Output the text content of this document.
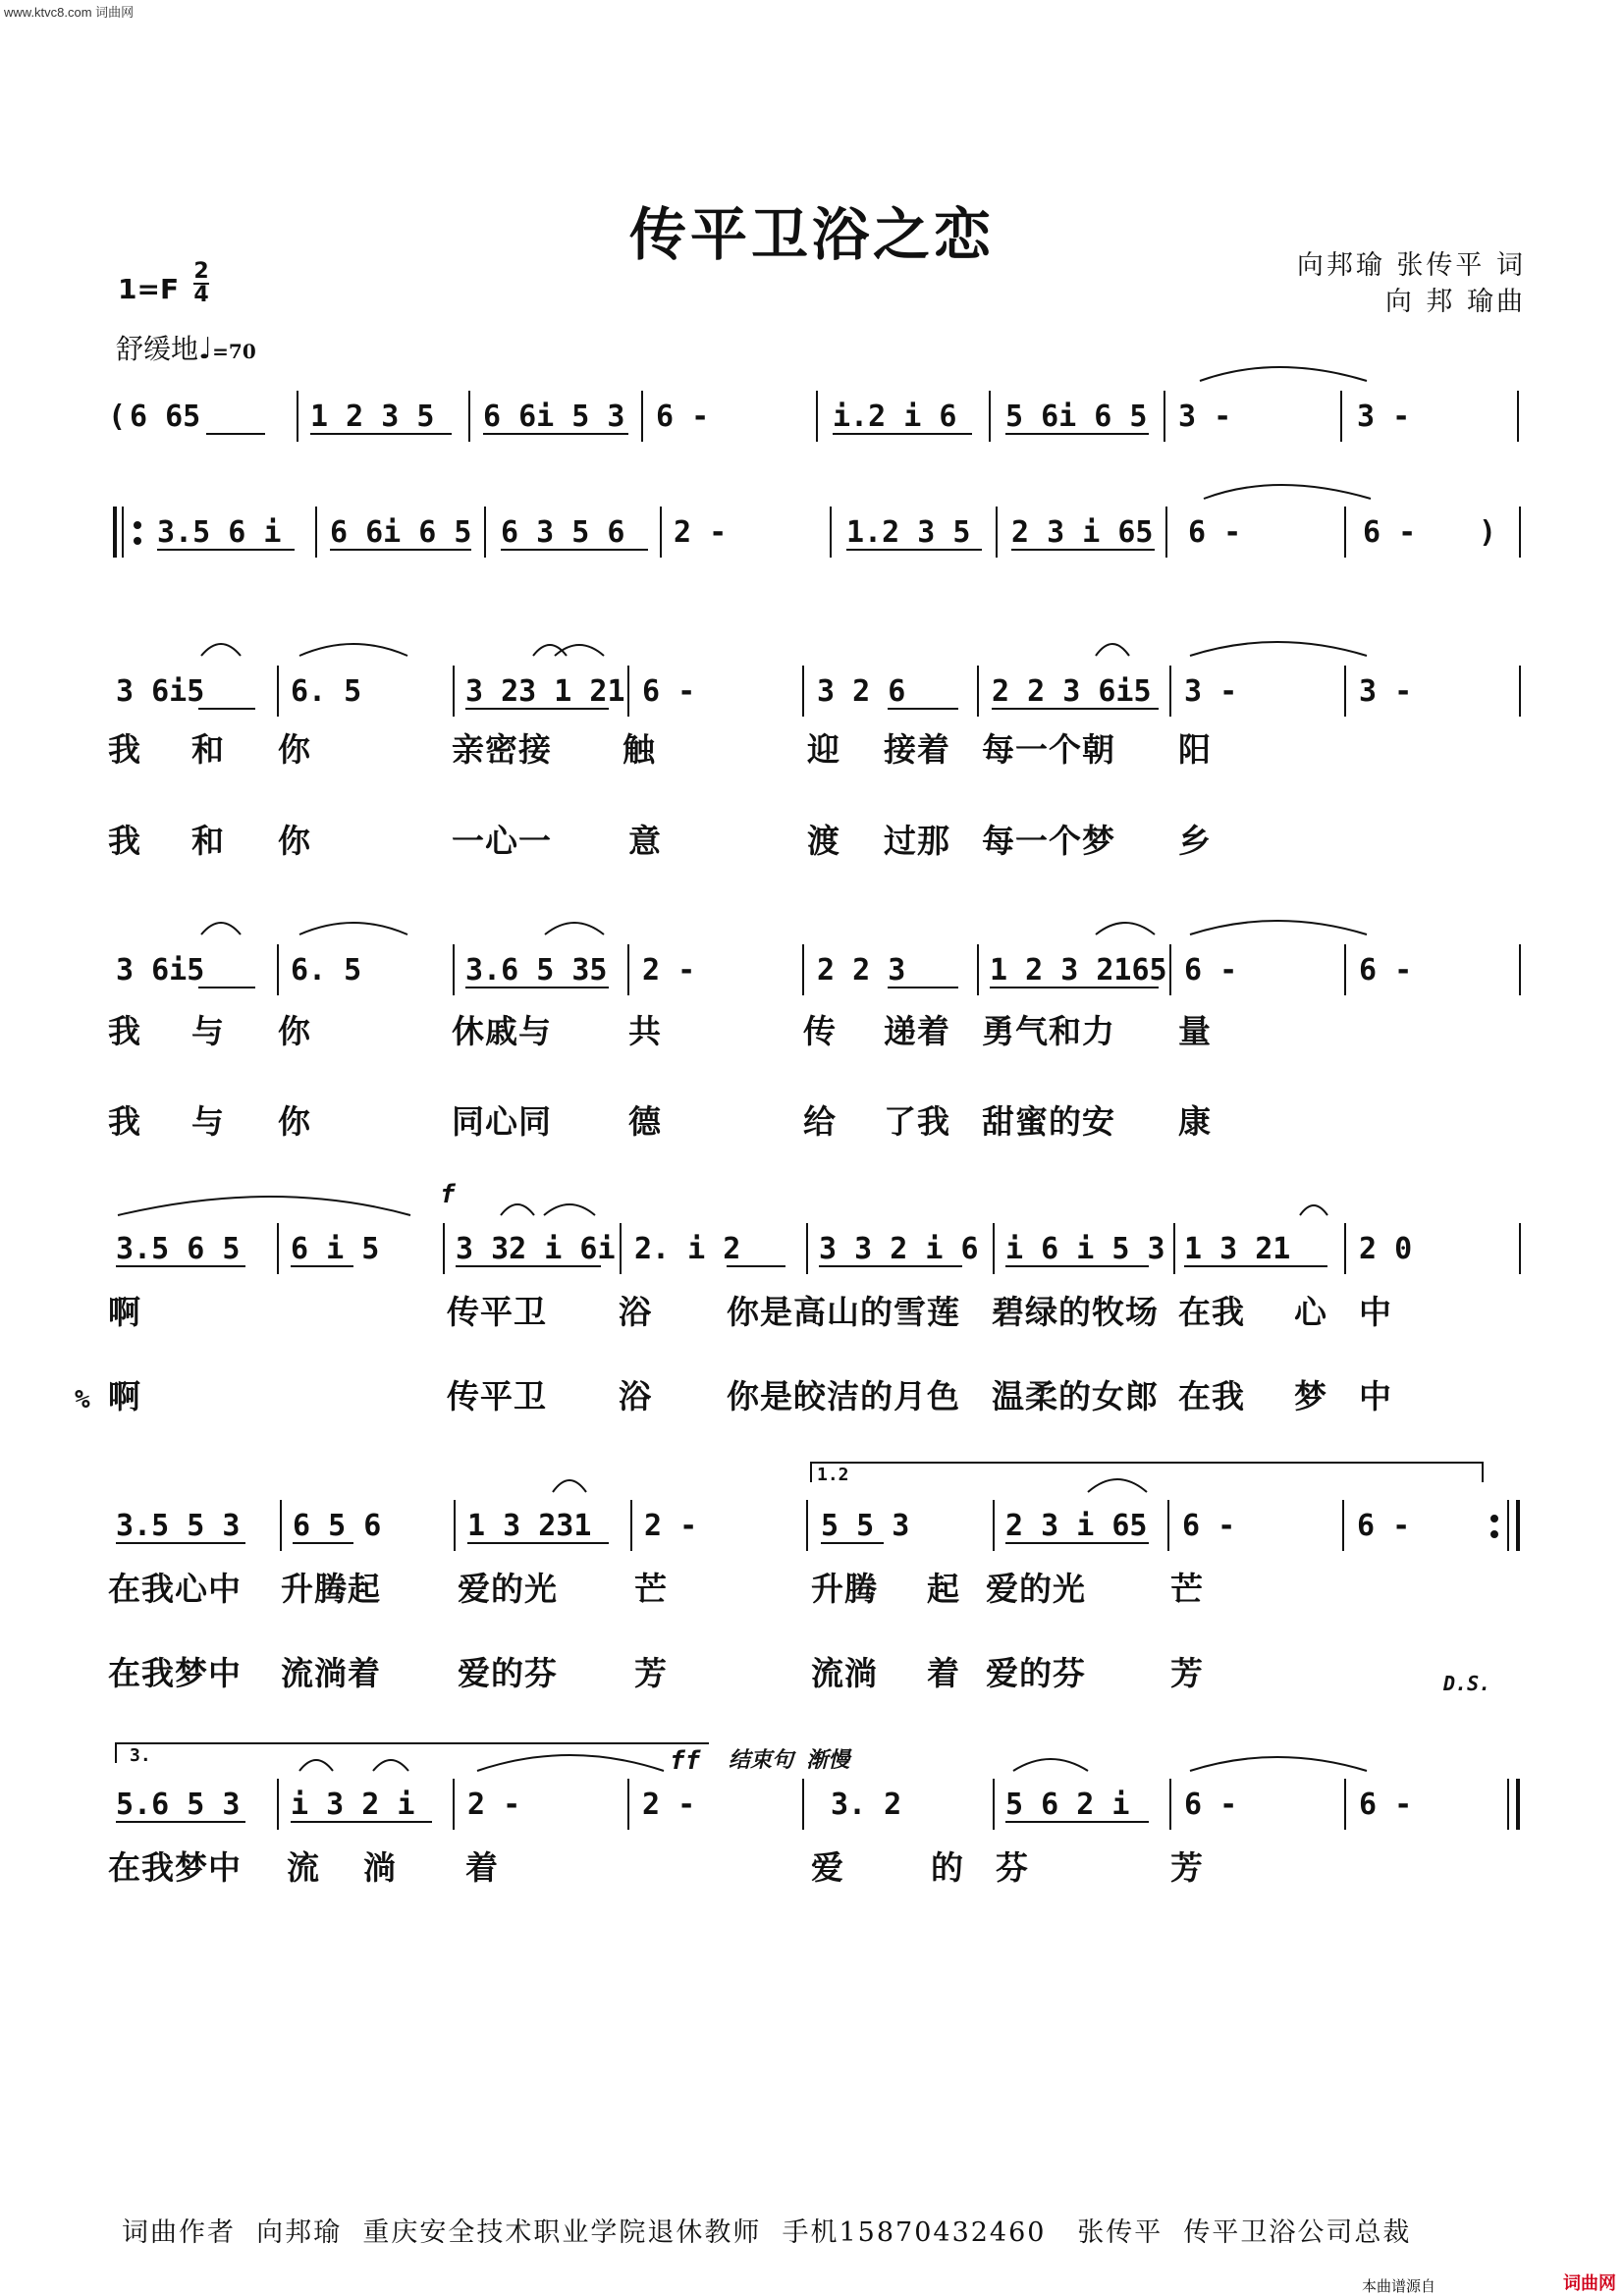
www.ktvc8.com 词曲网
传平卫浴之恋	向邦瑜 张传平 词
向 邦 瑜曲
1=F
2
4
舒缓地♩=70
1.2
3.
f
ff 结束句 渐慢
D.S.
( 6 65	1 2 3 5 6 6i 5 3 6 -	i.2 i 6 5 6i 6 5 3 -	3 -
3.5 6 i 6 6i 6 5 6 3 5 6 2 -	1.2 3 5 2 3 i 65 6 -	6 - )
3 6i5	6. 5	3 23 1 21 6 -	3 2 6	2 2 3 6i5 3 -	3 -
3 6i5	6. 5	3.6 5 35 2 -	2 2 3	1 2 3 2165 6 -	6 -
3.5 6 5 6 i 5	3 32 i 6i 2. i 2	3 3 2 i 6 i 6 i 5 3 1 3 21 2 0
3.5 5 3 6 5 6	1 3 231 2 -	5 5 3	2 3 i 65 6 -	6 -
5.6 5 3 i 3 2 i 2 -	2 -	3. 2	5 6 2 i 6 -	6 -
我 和 你	亲密接 触	迎 接着 每一个朝 阳
我 和 你	一心一 意	渡 过那 每一个梦 乡
我 与 你	休戚与 共	传 递着 勇气和力 量
我 与 你	同心同 德	给 了我 甜蜜的安 康
啊	传平卫 浴 你是高山的雪莲 碧绿的牧场 在我 心 中
% 啊	传平卫 浴 你是皎洁的月色 温柔的女郎 在我 梦 中
在我心中 升腾起 爱的光 芒	升腾 起 爱的光	芒
在我梦中 流淌着 爱的芬 芳	流淌 着 爱的芬	芳
在我梦中 流 淌 着	爱	的 芬	芳
词曲作者  向邦瑜  重庆安全技术职业学院退休教师  手机15870432460   张传平  传平卫浴公司总裁
本曲谱源自	词曲网
